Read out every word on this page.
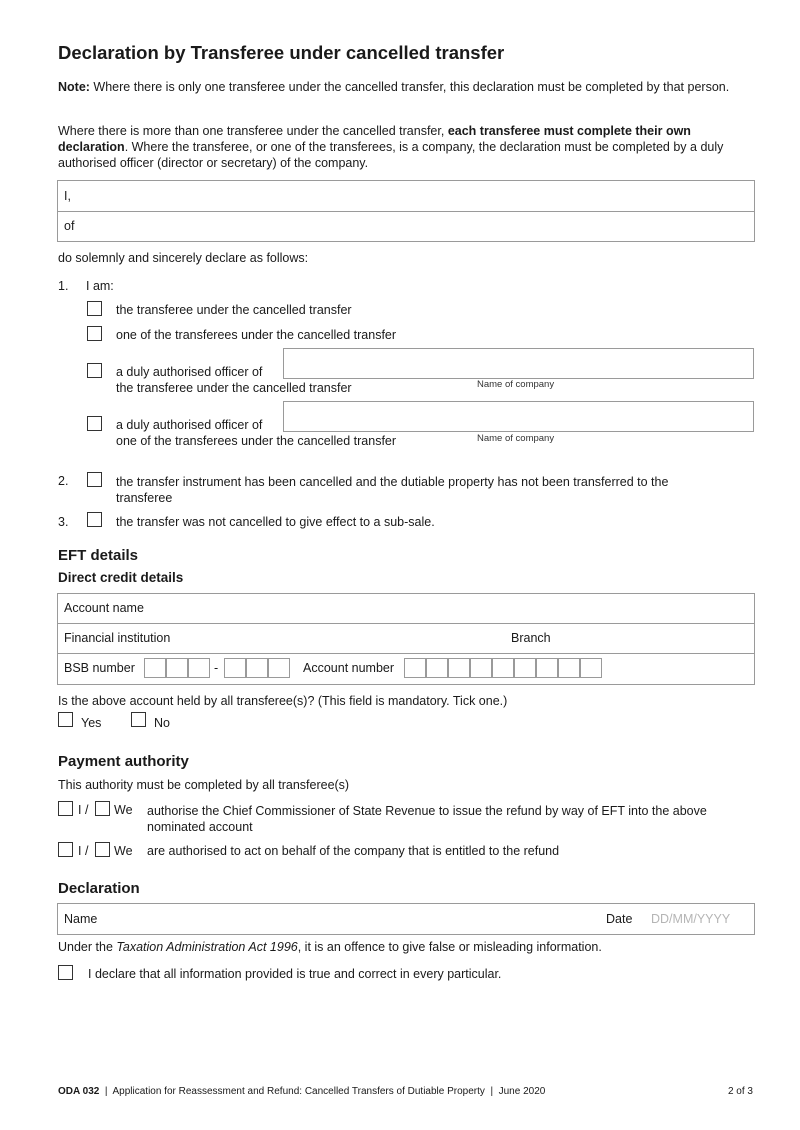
Declaration by Transferee under cancelled transfer
Note: Where there is only one transferee under the cancelled transfer, this declaration must be completed by that person.
Where there is more than one transferee under the cancelled transfer, each transferee must complete their own declaration. Where the transferee, or one of the transferees, is a company, the declaration must be completed by a duly authorised officer (director or secretary) of the company.
I,
of
do solemnly and sincerely declare as follows:
1. I am:
the transferee under the cancelled transfer
one of the transferees under the cancelled transfer
a duly authorised officer of
the transferee under the cancelled transfer	Name of company
a duly authorised officer of
one of the transferees under the cancelled transfer	Name of company
2.	the transfer instrument has been cancelled and the dutiable property has not been transferred to the transferee
3.	the transfer was not cancelled to give effect to a sub-sale.
EFT details
Direct credit details
Account name
Financial institution	Branch
BSB number	-	Account number
Is the above account held by all transferee(s)? (This field is mandatory. Tick one.)
Yes	No
Payment authority
This authority must be completed by all transferee(s)
I / We authorise the Chief Commissioner of State Revenue to issue the refund by way of EFT into the above nominated account
I / We are authorised to act on behalf of the company that is entitled to the refund
Declaration
Name	Date DD/MM/YYYY
Under the Taxation Administration Act 1996, it is an offence to give false or misleading information.
I declare that all information provided is true and correct in every particular.
ODA 032  |  Application for Reassessment and Refund: Cancelled Transfers of Dutiable Property  |  June 2020	2 of 3
